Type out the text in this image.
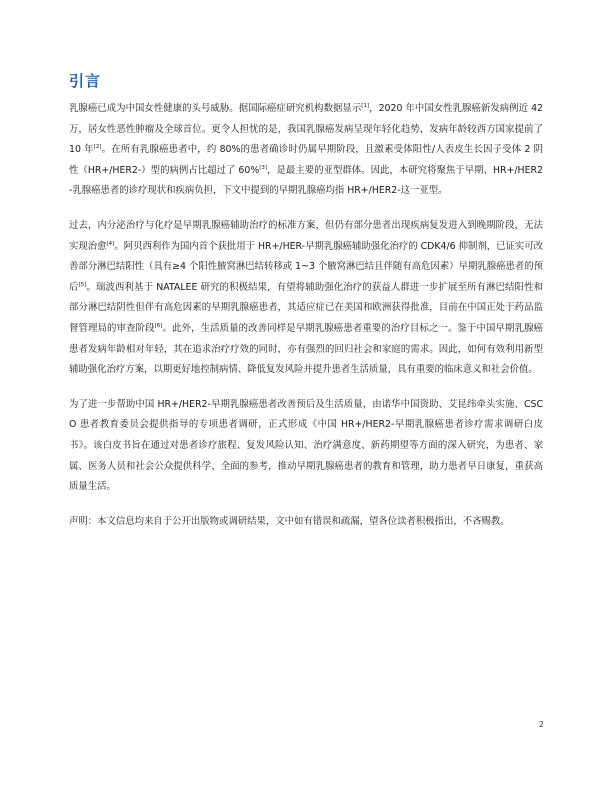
引言

乳腺癌已成为中国女性健康的头号威胁。据国际癌症研究机构数据显示[1]，2020 年中国女性乳腺癌新发病例近 42 万，居女性恶性肿瘤及全球首位。更令人担忧的是，我国乳腺癌发病呈现年轻化趋势，发病年龄较西方国家提前了 10 年[2]。在所有乳腺癌患者中，约 80%的患者确诊时仍属早期阶段，且激素受体阳性/人表皮生长因子受体 2 阴性（HR+/HER2-）型的病例占比超过了 60%[3]，是最主要的亚型群体。因此，本研究将聚焦于早期、HR+/HER2-乳腺癌患者的诊疗现状和疾病负担，下文中提到的早期乳腺癌均指 HR+/HER2-这一亚型。

过去，内分泌治疗与化疗是早期乳腺癌辅助治疗的标准方案，但仍有部分患者出现疾病复发进入到晚期阶段，无法实现治愈[4]。阿贝西利作为国内首个获批用于 HR+/HER-早期乳腺癌辅助强化治疗的 CDK4/6 抑制剂，已证实可改善部分淋巴结阳性（具有≥4 个阳性腋窝淋巴结转移或 1~3 个腋窝淋巴结且伴随有高危因素）早期乳腺癌患者的预后[5]。瑞波西利基于 NATALEE 研究的积极结果，有望将辅助强化治疗的获益人群进一步扩展至所有淋巴结阳性和部分淋巴结阴性但伴有高危因素的早期乳腺癌患者，其适应症已在美国和欧洲获得批准，目前在中国正处于药品监督管理局的审查阶段[6]。此外，生活质量的改善同样是早期乳腺癌患者重要的治疗目标之一。鉴于中国早期乳腺癌患者发病年龄相对年轻，其在追求治疗疗效的同时，亦有强烈的回归社会和家庭的需求。因此，如何有效利用新型辅助强化治疗方案，以期更好地控制病情、降低复发风险并提升患者生活质量，具有重要的临床意义和社会价值。

为了进一步帮助中国 HR+/HER2-早期乳腺癌患者改善预后及生活质量，由诺华中国资助、艾昆纬牵头实施、CSCO 患者教育委员会提供指导的专项患者调研，正式形成《中国 HR+/HER2-早期乳腺癌患者诊疗需求调研白皮书》。该白皮书旨在通过对患者诊疗旅程、复发风险认知、治疗满意度、新药期望等方面的深入研究，为患者、家属、医务人员和社会公众提供科学、全面的参考，推动早期乳腺癌患者的教育和管理，助力患者早日康复，重获高质量生活。

声明：本文信息均来自于公开出版物或调研结果，文中如有错误和疏漏，望各位读者积极指出，不吝赐教。

2
